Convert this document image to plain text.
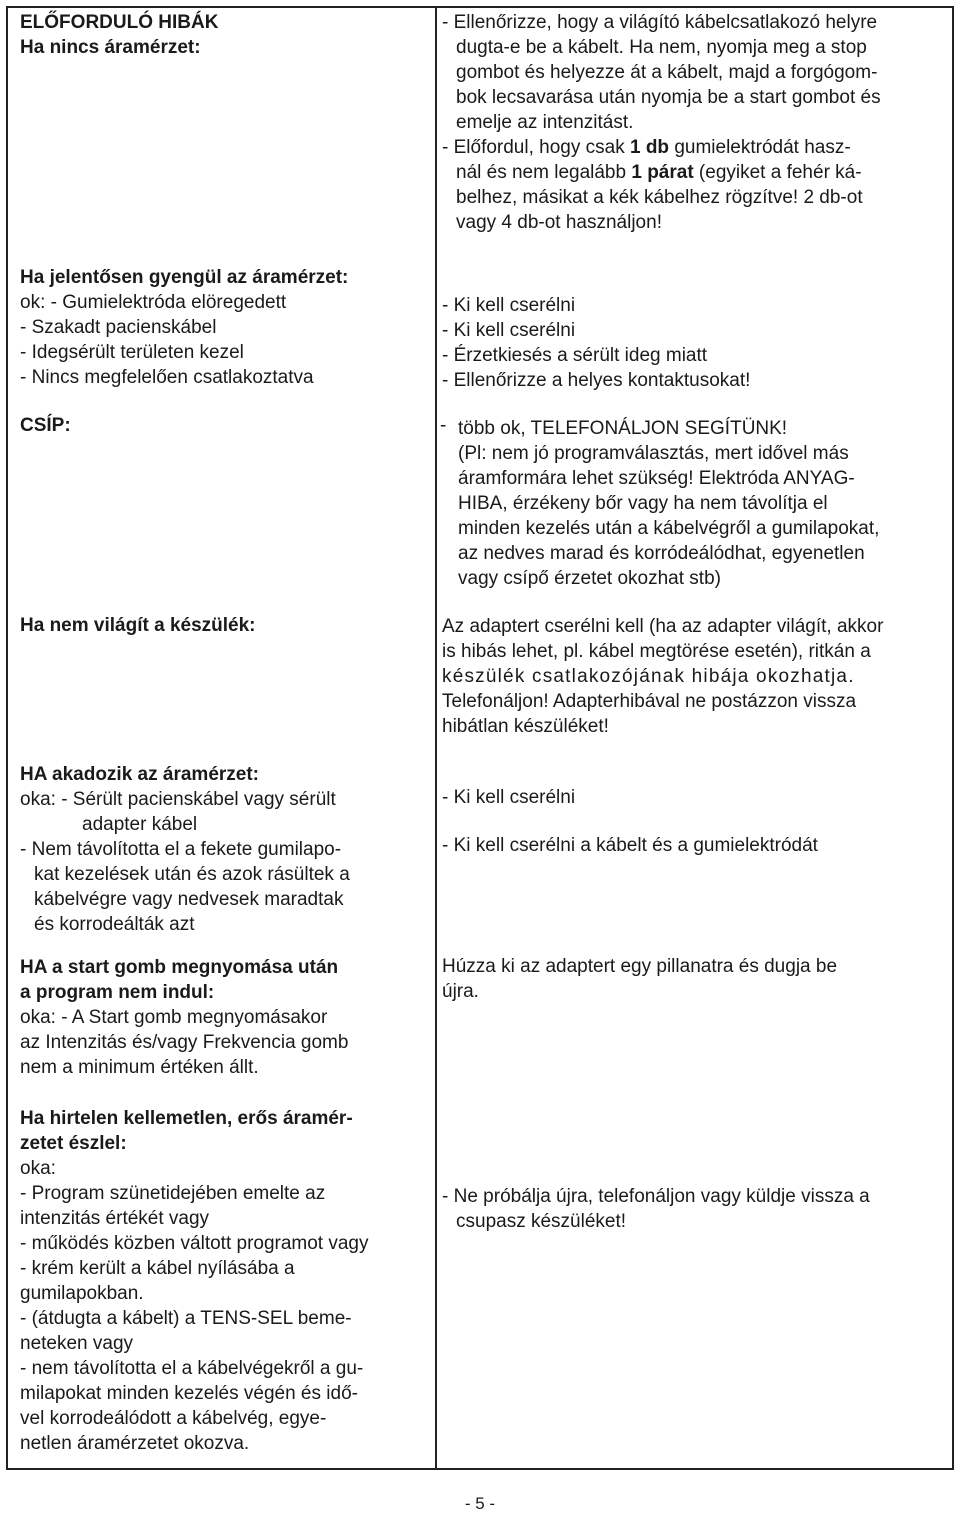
ELŐFORDULÓ HIBÁK
Ha nincs áramérzet:
Ha jelentősen gyengül az áramérzet:
ok: - Gumielektróda elöregedett
- Szakadt pacienskábel
- Idegsérült területen kezel
- Nincs megfelelően csatlakoztatva
CSÍP:
Ha nem világít a készülék:
HA akadozik az áramérzet:
oka: - Sérült pacienskábel vagy sérült
adapter kábel
- Nem távolította el a fekete gumilapo-
kat kezelések után és azok rásültek a
kábelvégre vagy nedvesek maradtak
és korrodeálták azt
HA a start gomb megnyomása után
a program nem indul:
oka: - A Start gomb megnyomásakor
az Intenzitás és/vagy Frekvencia gomb
nem a minimum értéken állt.
Ha hirtelen kellemetlen, erős áramér-
zetet észlel:
oka:
- Program szünetidejében emelte az
intenzitás értékét vagy
- működés közben váltott programot vagy
- krém került a kábel nyílásába a
gumilapokban.
- (átdugta a kábelt) a TENS-SEL beme-
neteken vagy
- nem távolította el a kábelvégekről a gu-
milapokat minden kezelés végén és idő-
vel korrodeálódott a kábelvég, egye-
netlen áramérzetet okozva.
- Ellenőrizze, hogy a világító kábelcsatlakozó helyre
dugta-e be a kábelt. Ha nem, nyomja meg a stop
gombot és helyezze át a kábelt, majd a forgógom-
bok lecsavarása után nyomja be a start gombot és
emelje az intenzitást.
- Előfordul, hogy csak 1 db gumielektródát hasz-
nál és nem legalább 1 párat (egyiket a fehér ká-
belhez, másikat a kék kábelhez rögzítve! 2 db-ot
vagy 4 db-ot használjon!
- Ki kell cserélni
- Ki kell cserélni
- Érzetkiesés a sérült ideg miatt
- Ellenőrizze a helyes kontaktusokat!
- több ok, TELEFONÁLJON SEGÍTÜNK!
(Pl: nem jó programválasztás, mert idővel más
áramformára lehet szükség! Elektróda ANYAG-
HIBA, érzékeny bőr vagy ha nem távolítja el
minden kezelés után a kábelvégről a gumilapokat,
az nedves marad és korródeálódhat, egyenetlen
vagy csípő érzetet okozhat stb)
Az adaptert cserélni kell (ha az adapter világít, akkor
is hibás lehet, pl. kábel megtörése esetén), ritkán a
készülék csatlakozójának hibája okozhatja.
Telefonáljon! Adapterhibával ne postázzon vissza
hibátlan készüléket!
- Ki kell cserélni
- Ki kell cserélni a kábelt és a gumielektródát
Húzza ki az adaptert egy pillanatra és dugja be
újra.
- Ne próbálja újra, telefonáljon vagy küldje vissza a
csupasz készüléket!
- 5 -
